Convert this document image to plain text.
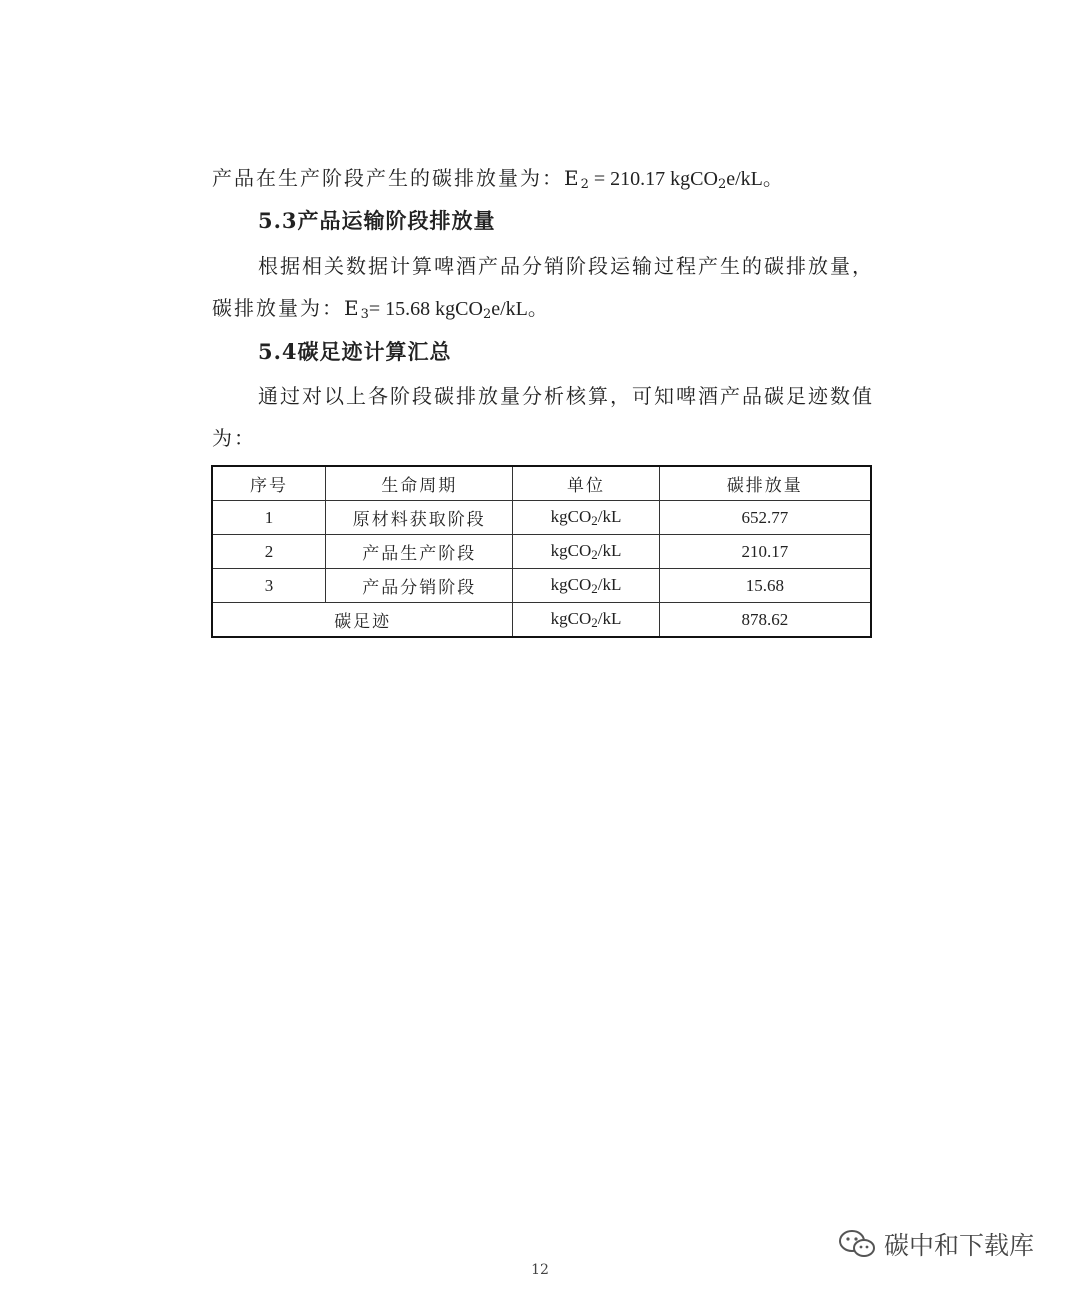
产品在生产阶段产生的碳排放量为：$E_2 = 210.17$ kgCO$_2$e/kL。
5.3产品运输阶段排放量
根据相关数据计算啤酒产品分销阶段运输过程产生的碳排放量，
碳排放量为：$E_3= 15.68$ kgCO$_2$e/kL。
5.4碳足迹计算汇总
通过对以上各阶段碳排放量分析核算，可知啤酒产品碳足迹数值
为：
序号	生命周期	单位	碳排放量
1	原材料获取阶段	kgCO$_2$/kL	652.77
2	产品生产阶段	kgCO$_2$/kL	210.17
3	产品分销阶段	kgCO$_2$/kL	15.68
碳足迹		kgCO$_2$/kL	878.62
碳中和下载库
12
